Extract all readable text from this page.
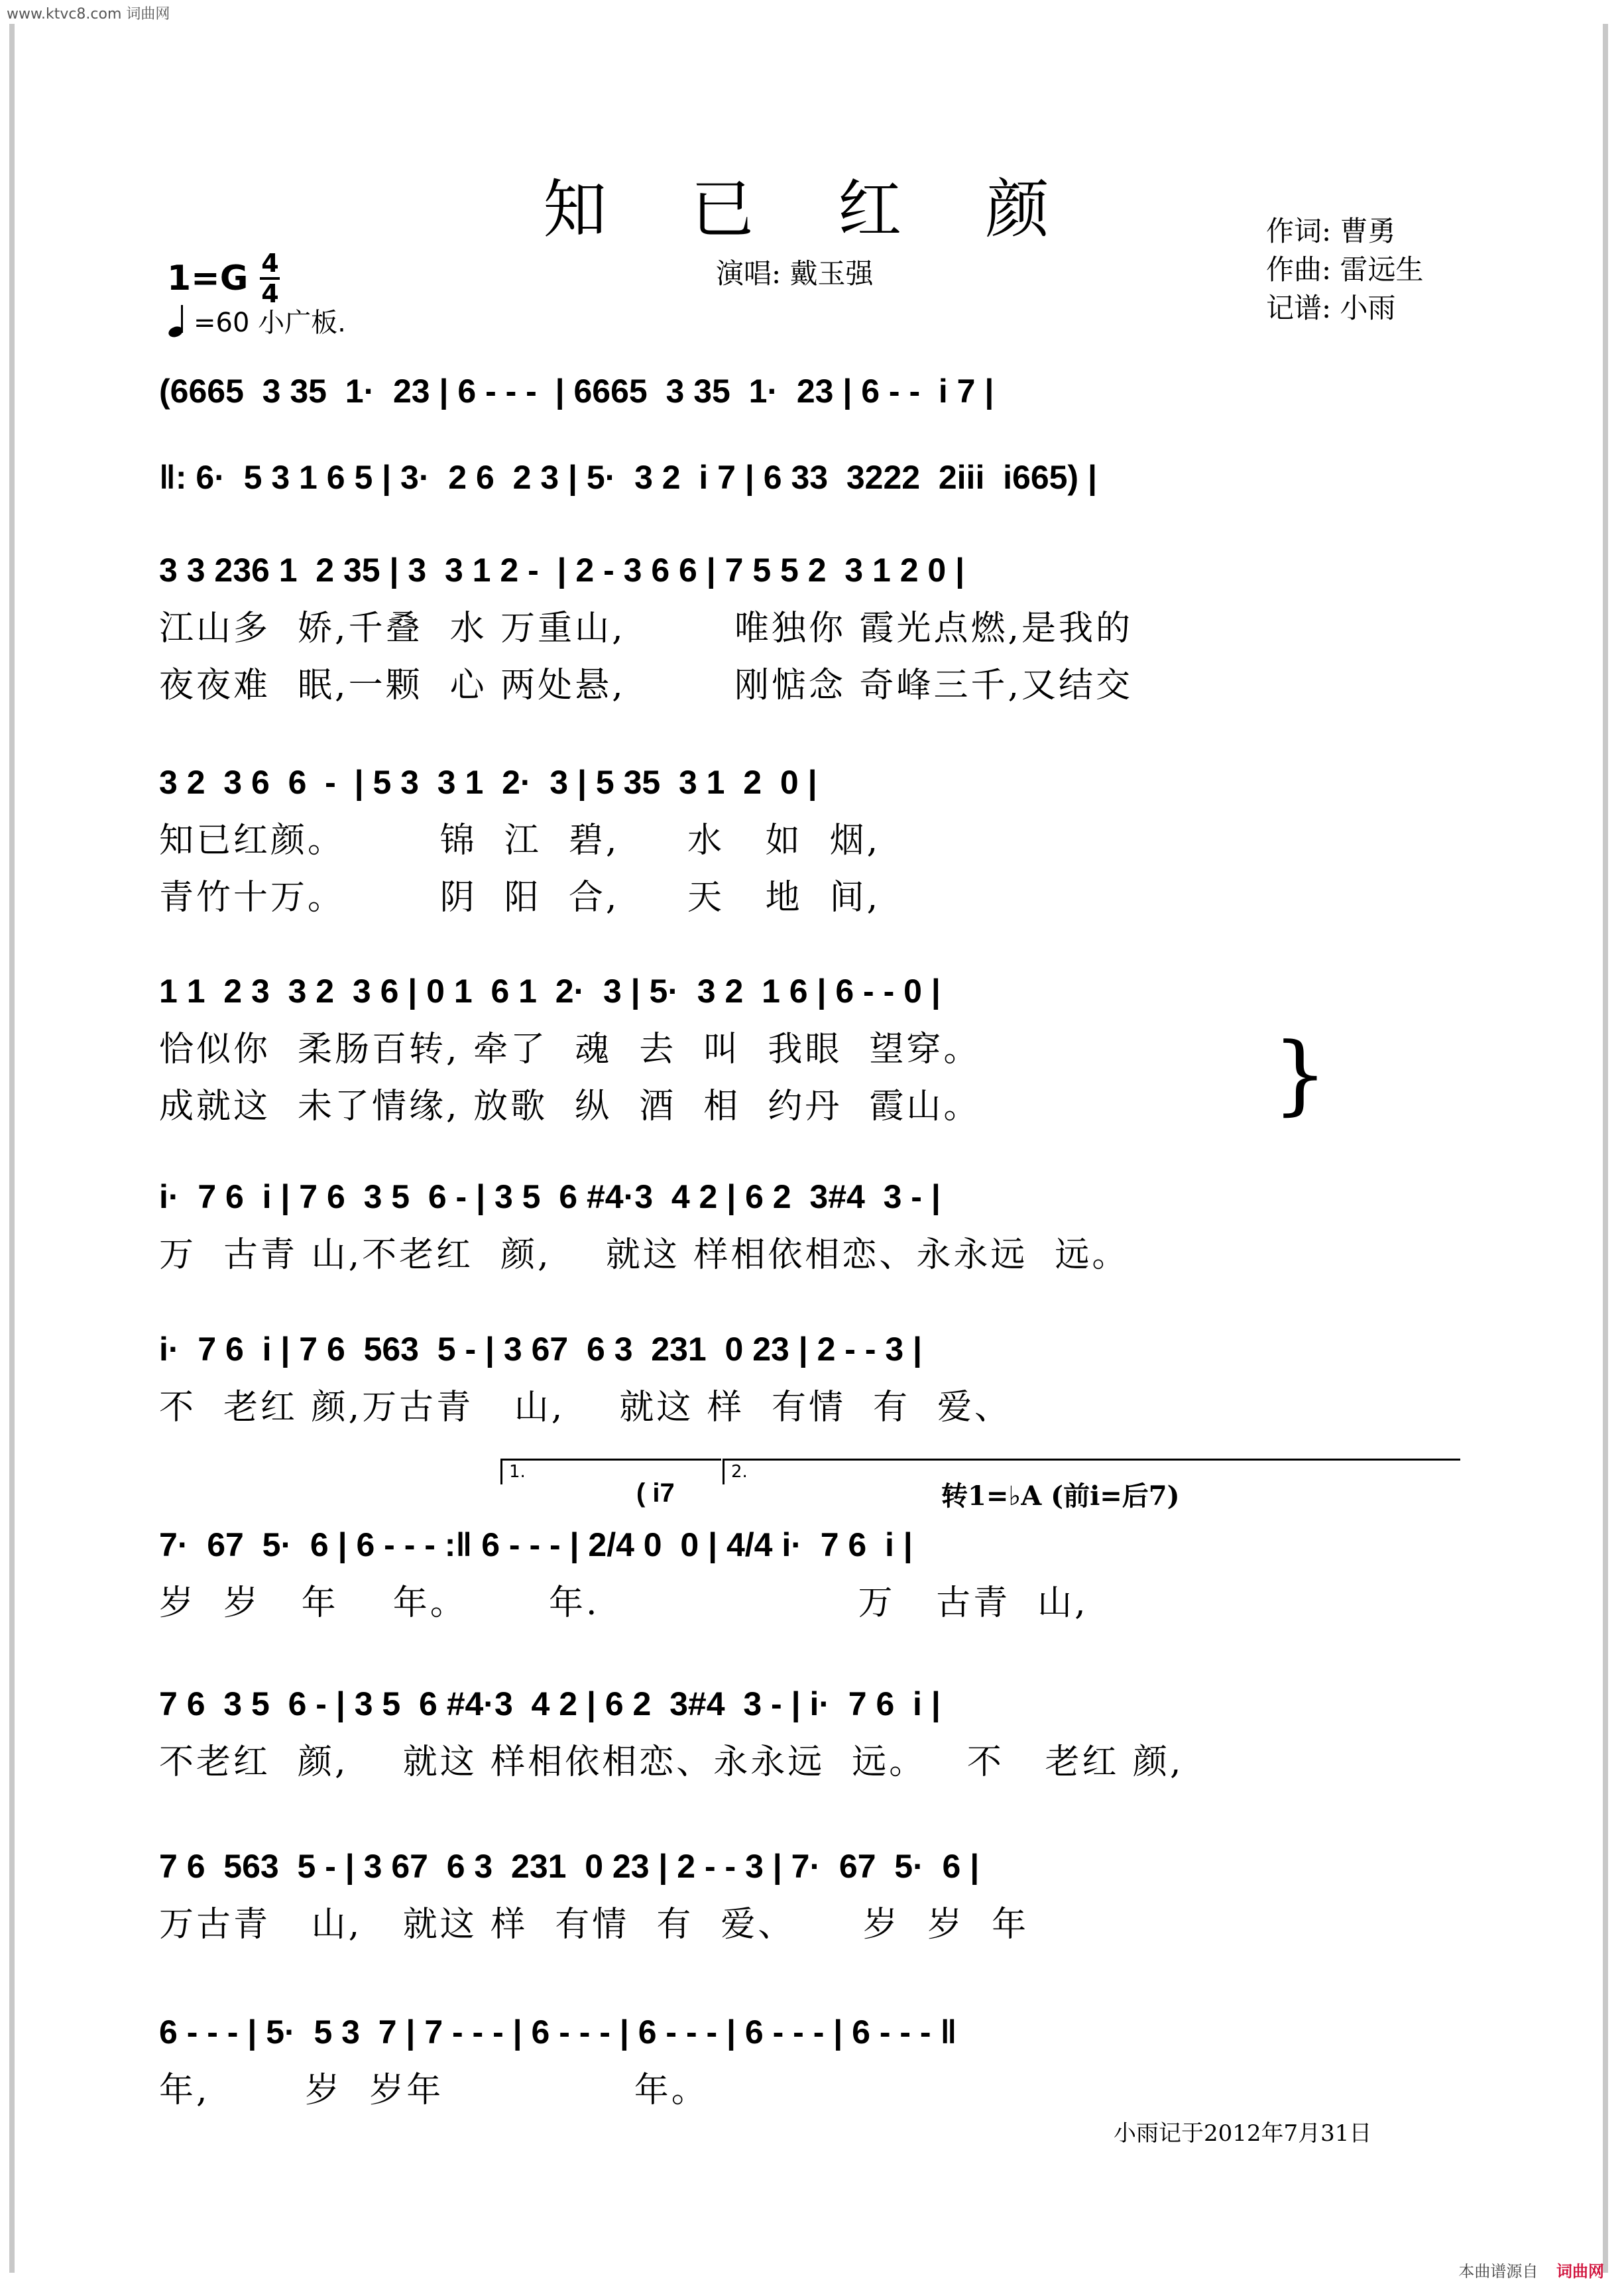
www.ktvc8.com 词曲网
知 已 红 颜	作词: 曹勇
作曲: 雷远生
记谱: 小雨
1=G 4
4
=60 小广板.
演唱: 戴玉强
(6665  3 35  1·  23 | 6 - - -  | 6665  3 35  1·  23 | 6 - -  i 7 |
‖: 6·  5 3 1 6 5 | 3·  2 6  2 3 | 5·  3 2  i 7 | 6 33  3222  2iii  i665) |
3 3 236 1  2 35 | 3  3 1 2 -  | 2 - 3 6 6 | 7 5 5 2  3 1 2 0 |
江山多  娇,千叠  水 万重山,        唯独你 霞光点燃,是我的
夜夜难  眠,一颗  心 两处悬,        刚惦念 奇峰三千,又结交
3 2  3 6  6  -  | 5 3  3 1  2·  3 | 5 35  3 1  2  0 |
知已红颜。       锦  江  碧,     水   如  烟,
青竹十万。       阴  阳  合,     天   地  间,
1 1  2 3  3 2  3 6 | 0 1  6 1  2·  3 | 5·  3 2  1 6 | 6 - - 0 |
恰似你  柔肠百转, 牵了  魂  去  叫  我眼  望穿。
成就这  未了情缘, 放歌  纵  酒  相  约丹  霞山。	}
i·  7 6  i | 7 6  3 5  6 - | 3 5  6 #4·3  4 2 | 6 2  3#4  3 - |
万  古青 山,不老红  颜,    就这 样相依相恋、永永远  远。
i·  7 6  i | 7 6  563  5 - | 3 67  6 3  231  0 23 | 2 - - 3 |
不  老红 颜,万古青   山,    就这 样  有情  有  爱、
1.	2.
( i7	转1=♭A (前i=后7)
7·  67  5·  6 | 6 - - - :‖ 6 - - - | 2/4 0  0 | 4/4 i·  7 6  i |
岁  岁   年    年。      年.                   万   古青  山,
7 6  3 5  6 - | 3 5  6 #4·3  4 2 | 6 2  3#4  3 - | i·  7 6  i |
不老红  颜,    就这 样相依相恋、永永远  远。   不   老红 颜,
7 6  563  5 - | 3 67  6 3  231  0 23 | 2 - - 3 | 7·  67  5·  6 |
万古青   山,   就这 样  有情  有  爱、     岁  岁  年
6 - - - | 5·  5 3  7 | 7 - - - | 6 - - - | 6 - - - | 6 - - - | 6 - - - ‖
年,       岁  岁年              年。
小雨记于2012年7月31日
本曲谱源自 词曲网
